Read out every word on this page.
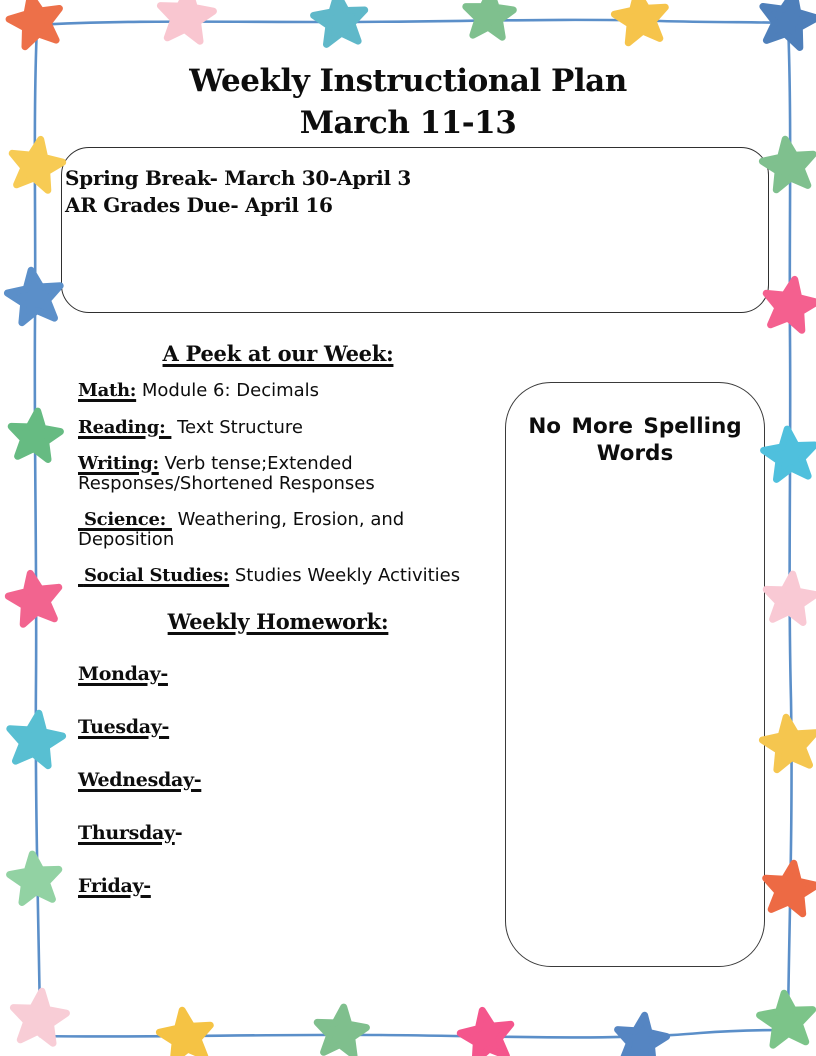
Weekly Instructional Plan
March 11-13
Spring Break- March 30-April 3
AR Grades Due- April 16

A Peek at our Week:

Math: Module 6: Decimals

Reading:  Text Structure

Writing: Verb tense;Extended Responses/Shortened Responses

Science:  Weathering, Erosion, and Deposition

Social Studies: Studies Weekly Activities

Weekly Homework:

Monday-

Tuesday-

Wednesday-

Thursday-

Friday-

No More Spelling Words
